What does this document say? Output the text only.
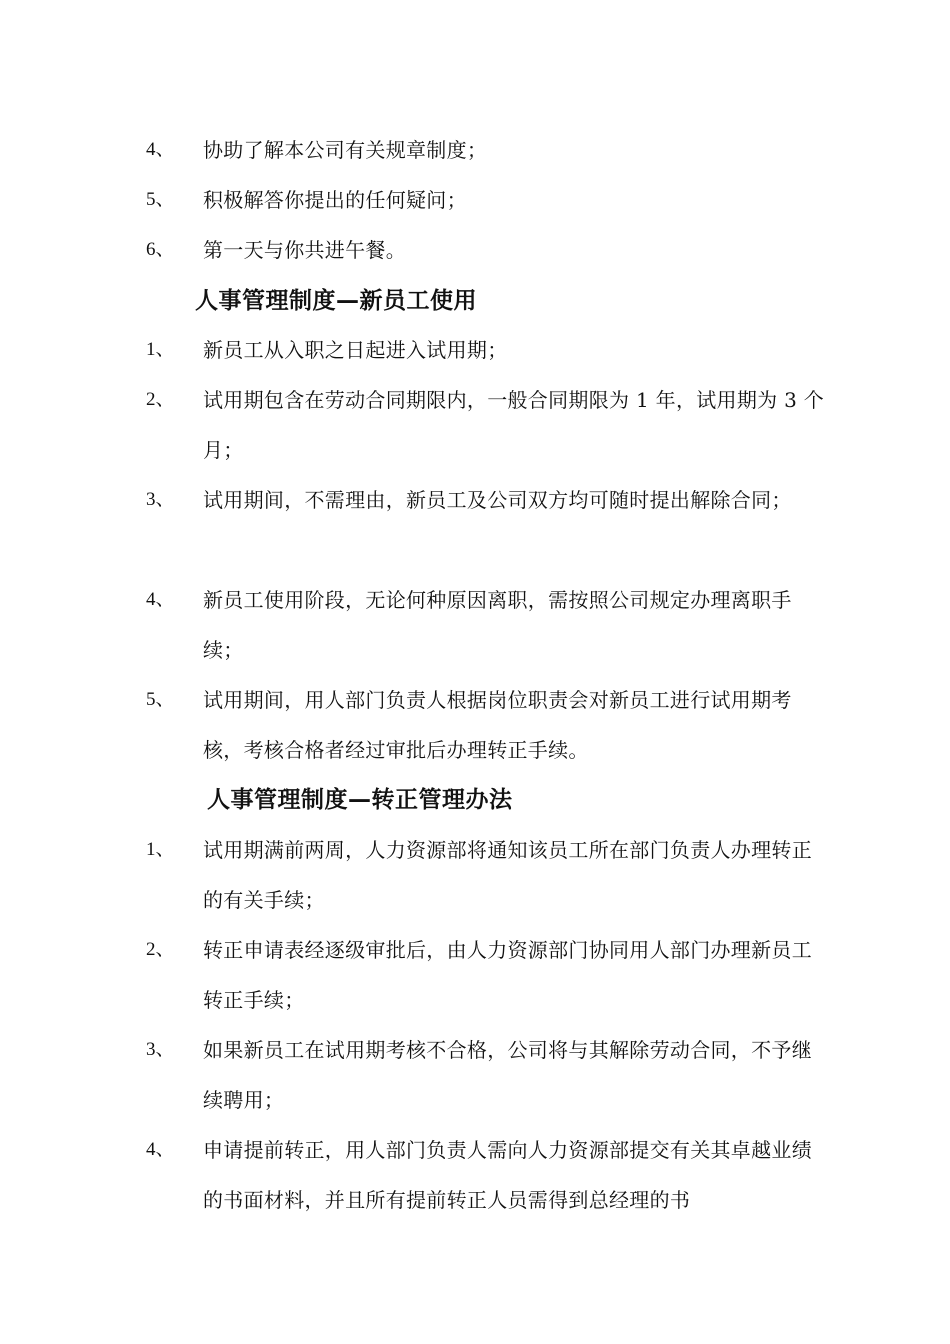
4、 协助了解本公司有关规章制度；
5、 积极解答你提出的任何疑问；
6、 第一天与你共进午餐。
人事管理制度—新员工使用
1、 新员工从入职之日起进入试用期；
2、 试用期包含在劳动合同期限内，一般合同期限为 1 年，试用期为 3 个月；
3、 试用期间，不需理由，新员工及公司双方均可随时提出解除合同；
4、 新员工使用阶段，无论何种原因离职，需按照公司规定办理离职手续；
5、 试用期间，用人部门负责人根据岗位职责会对新员工进行试用期考核，考核合格者经过审批后办理转正手续。
人事管理制度—转正管理办法
1、 试用期满前两周，人力资源部将通知该员工所在部门负责人办理转正的有关手续；
2、 转正申请表经逐级审批后，由人力资源部门协同用人部门办理新员工转正手续；
3、 如果新员工在试用期考核不合格，公司将与其解除劳动合同，不予继续聘用；
4、 申请提前转正，用人部门负责人需向人力资源部提交有关其卓越业绩的书面材料，并且所有提前转正人员需得到总经理的书
